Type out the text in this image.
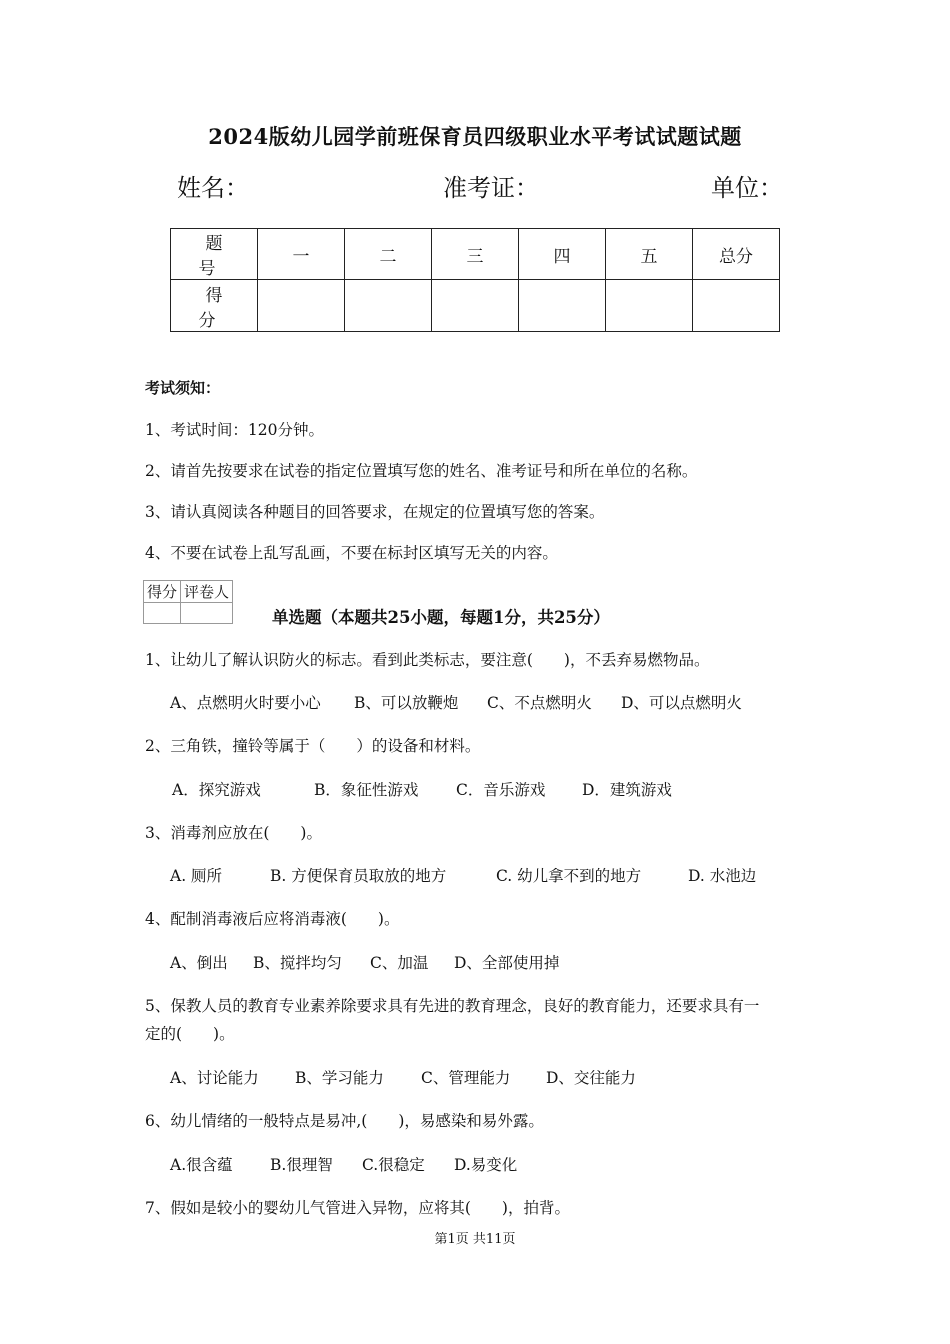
2024版幼儿园学前班保育员四级职业水平考试试题试题
姓名：	准考证：	单位：
题　号	一	二	三	四	五	总分
得　分						
考试须知：
1、考试时间：120分钟。
2、请首先按要求在试卷的指定位置填写您的姓名、准考证号和所在单位的名称。
3、请认真阅读各种题目的回答要求，在规定的位置填写您的答案。
4、不要在试卷上乱写乱画，不要在标封区填写无关的内容。
得分	评卷人

单选题（本题共25小题，每题1分，共25分）
1、让幼儿了解认识防火的标志。看到此类标志，要注意(　　)，不丢弃易燃物品。
A、点燃明火时要小心 B、可以放鞭炮 C、不点燃明火 D、可以点燃明火
2、三角铁，撞铃等属于（　　）的设备和材料。
A．探究游戏	B．象征性游戏 C．音乐游戏 D．建筑游戏
3、消毒剂应放在(　　)。
A. 厕所	B. 方便保育员取放的地方	C. 幼儿拿不到的地方	D. 水池边
4、配制消毒液后应将消毒液(　　)。
A、倒出 B、搅拌均匀 C、加温 D、全部使用掉
5、保教人员的教育专业素养除要求具有先进的教育理念，良好的教育能力，还要求具有一
定的(　　)。
A、讨论能力 B、学习能力 C、管理能力 D、交往能力
6、幼儿情绪的一般特点是易冲,(　　)，易感染和易外露。
A.很含蕴 B.很理智 C.很稳定 D.易变化
7、假如是较小的婴幼儿气管进入异物，应将其(　　)，拍背。
第1页 共11页
